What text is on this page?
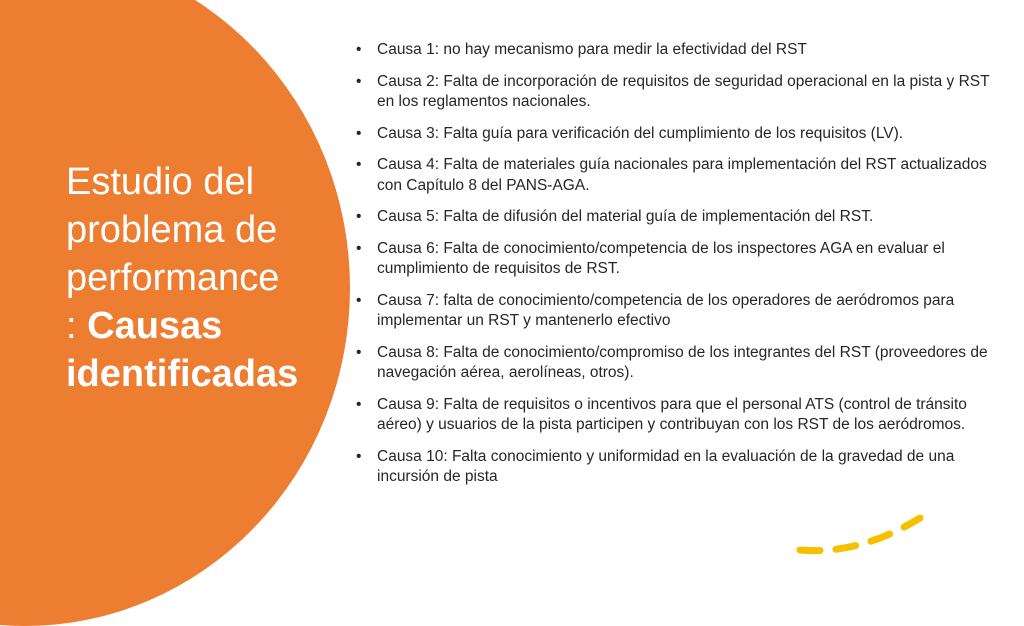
Estudio del
problema de
performance
: Causas
identificadas
• Causa 1: no hay mecanismo para medir la efectividad del RST
• Causa 2: Falta de incorporación de requisitos de seguridad operacional en la pista y RST en los reglamentos nacionales.
• Causa 3: Falta guía para verificación del cumplimiento de los requisitos (LV).
• Causa 4: Falta de materiales guía nacionales para implementación del RST actualizados con Capítulo 8 del PANS-AGA.
• Causa 5: Falta de difusión del material guía de implementación del RST.
• Causa 6: Falta de conocimiento/competencia de los inspectores AGA en evaluar el cumplimiento de requisitos de RST.
• Causa 7: falta de conocimiento/competencia de los operadores de aeródromos para implementar un RST y mantenerlo efectivo
• Causa 8: Falta de conocimiento/compromiso de los integrantes del RST (proveedores de navegación aérea, aerolíneas, otros).
• Causa 9: Falta de requisitos o incentivos para que el personal ATS (control de tránsito aéreo) y usuarios de la pista participen y contribuyan con los RST de los aeródromos.
• Causa 10: Falta conocimiento y uniformidad en la evaluación de la gravedad de una incursión de pista
